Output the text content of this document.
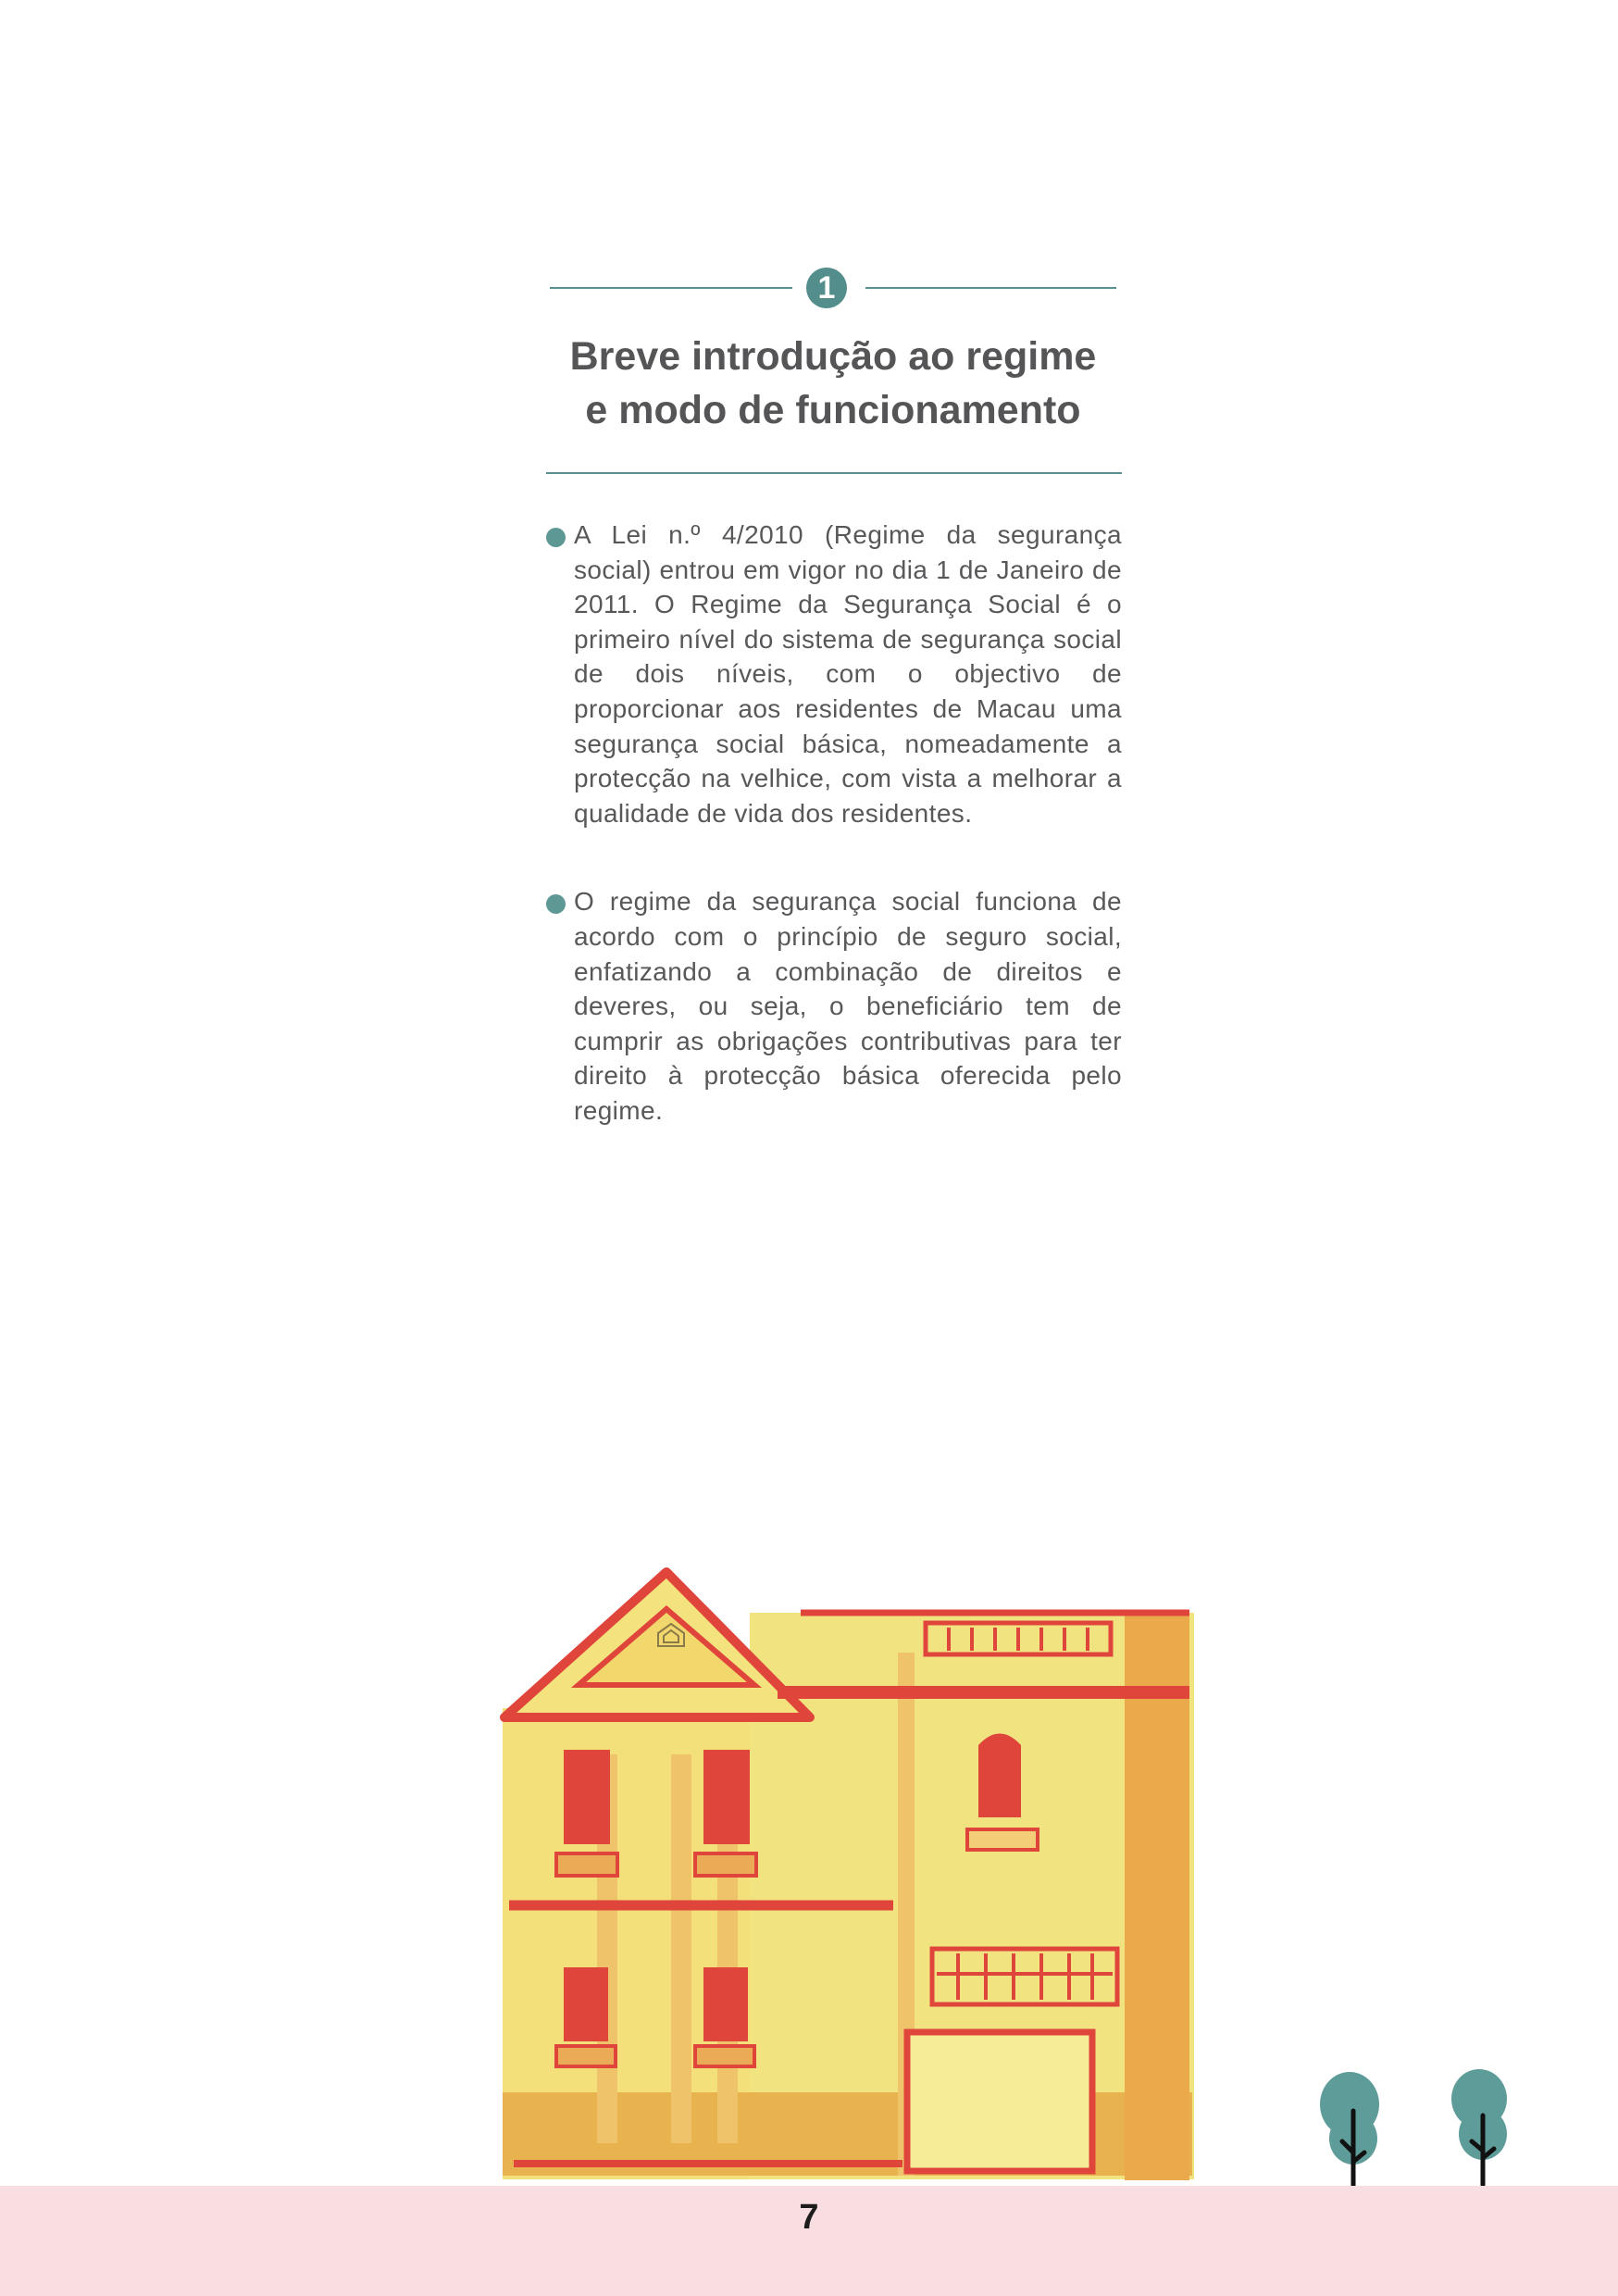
1
Breve introdução ao regime
e modo de funcionamento

A Lei n.º 4/2010 (Regime da segurança social) entrou em vigor no dia 1 de Janeiro de 2011. O Regime da Segurança Social é o primeiro nível do sistema de segurança social de dois níveis, com o objectivo de proporcionar aos residentes de Macau uma segurança social básica, nomeadamente a protecção na velhice, com vista a melhorar a qualidade de vida dos residentes.

O regime da segurança social funciona de acordo com o princípio de seguro social, enfatizando a combinação de direitos e deveres, ou seja, o beneficiário tem de cumprir as obrigações contributivas para ter direito à protecção básica oferecida pelo regime.

7
